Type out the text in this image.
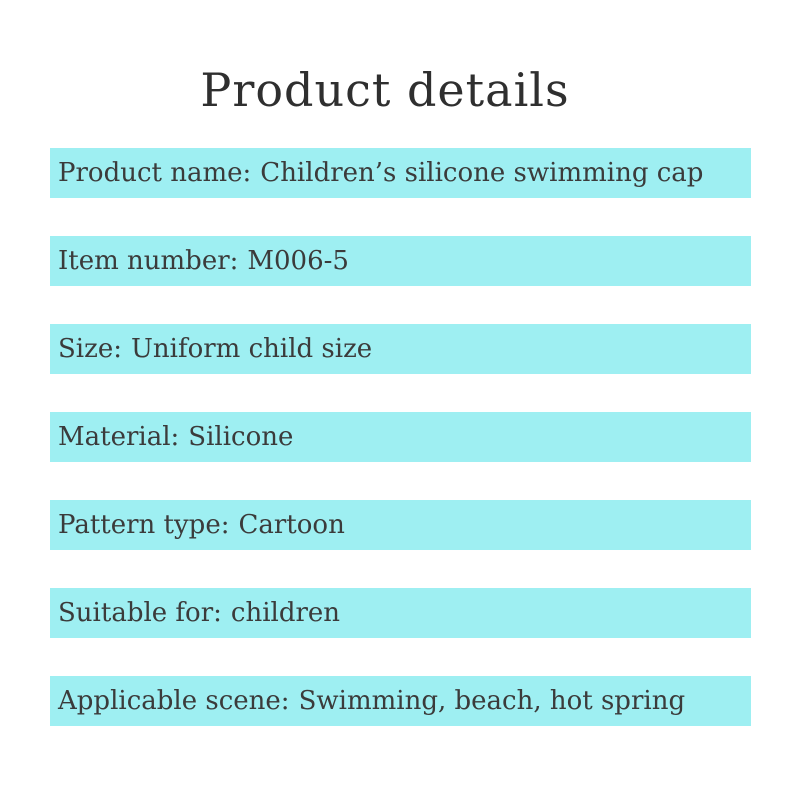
Product details
Product name: Children’s silicone swimming cap
Item number: M006-5
Size: Uniform child size
Material: Silicone
Pattern type: Cartoon
Suitable for: children
Applicable scene: Swimming, beach, hot spring
